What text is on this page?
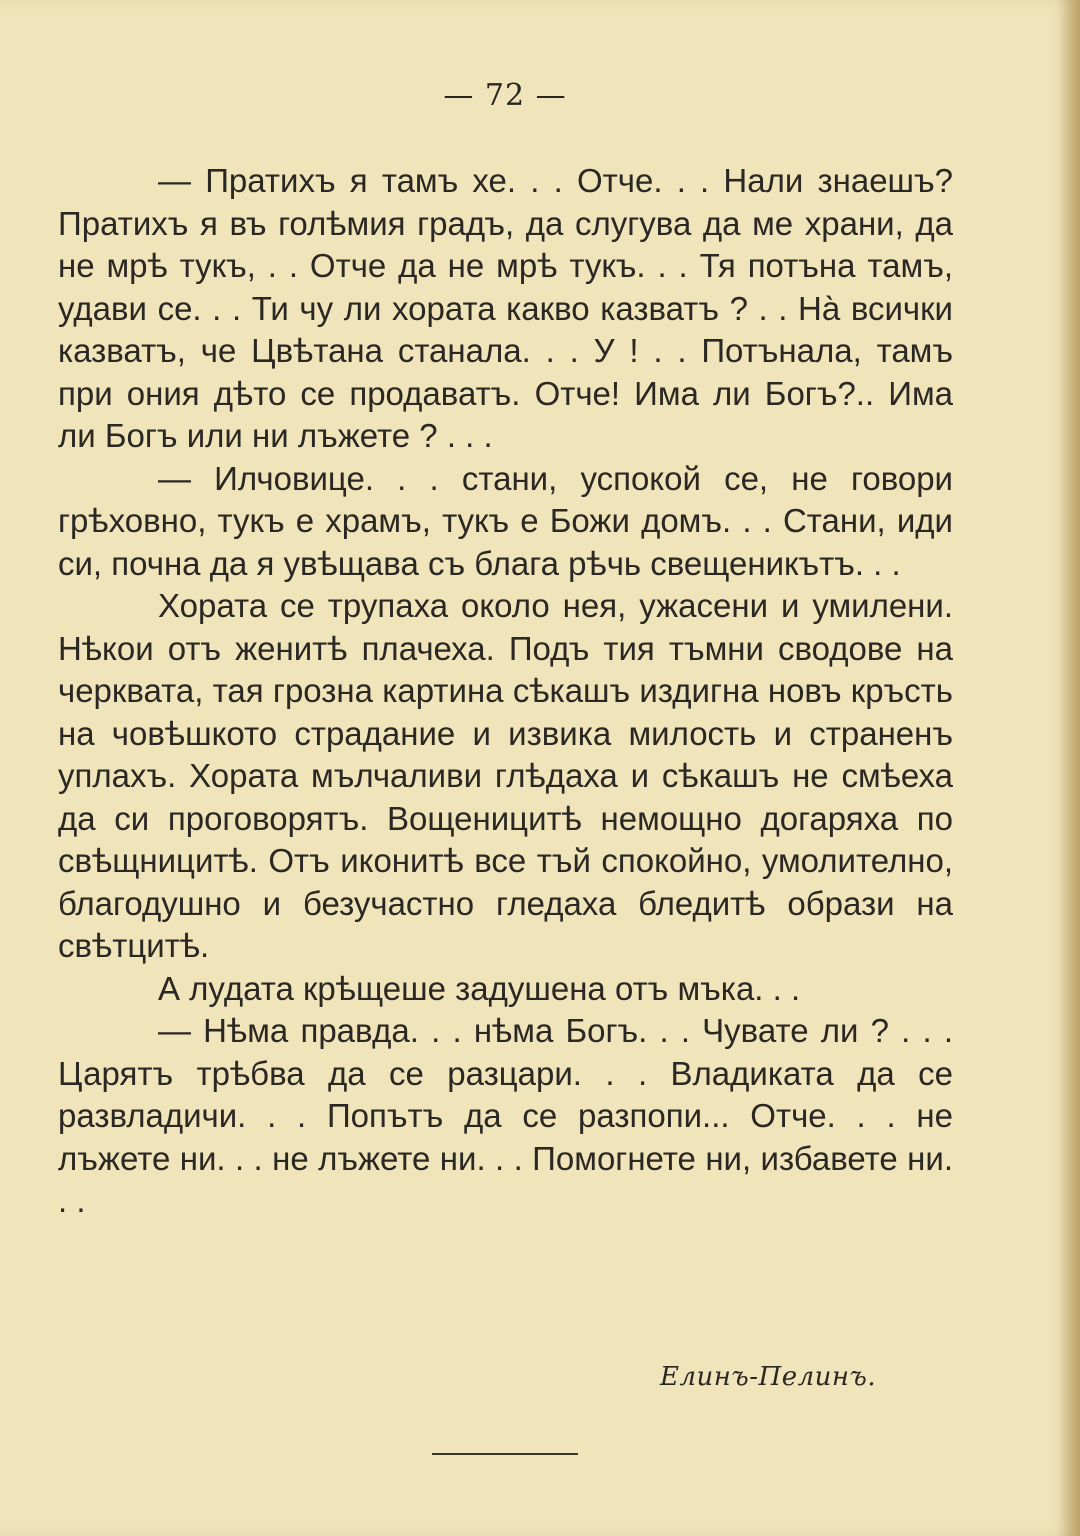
— 72 —

— Пратихъ я тамъ хе. . . Отче. . . Нали знаешъ? Пратихъ я въ голѣмия градъ, да слугува да ме храни, да не мрѣ тукъ, . . Отче да не мрѣ тукъ. . . Тя потъна тамъ, удави се. . . Ти чу ли хората какво казватъ ? . . На̀ всички казватъ, че Цвѣтана станала. . . У ! . . Потънала, тамъ при ония дѣто се продаватъ. Отче! Има ли Богъ?.. Има ли Богъ или ни лъжете ? . . .

— Илчовице. . . стани, успокой се, не говори грѣховно, тукъ е храмъ, тукъ е Божи домъ. . . Стани, иди си, почна да я увѣщава съ блага рѣчь свещеникътъ. . .

Хората се трупаха около нея, ужасени и умилени. Нѣкои отъ женитѣ плачеха. Подъ тия тъмни сводове на черквата, тая грозна картина сѣкашъ издигна новъ кръсть на човѣшкото страдание и извика милость и страненъ уплахъ. Хората мълчаливи глѣдаха и сѣкашъ не смѣеха да си проговорятъ. Вощеницитѣ немощно догаряха по свѣщницитѣ. Отъ иконитѣ все тъй спокойно, умолително, благодушно и безучастно гледаха бледитѣ образи на свѣтцитѣ.

А лудата крѣщеше задушена отъ мъка. . .

— Нѣма правда. . . нѣма Богъ. . . Чувате ли ? . . . Царятъ трѣбва да се разцари. . . Владиката да се развладичи. . . Попътъ да се разпопи... Отче. . . не лъжете ни. . . не лъжете ни. . . Помогнете ни, избавете ни. . .

Елинъ-Пелинъ.
